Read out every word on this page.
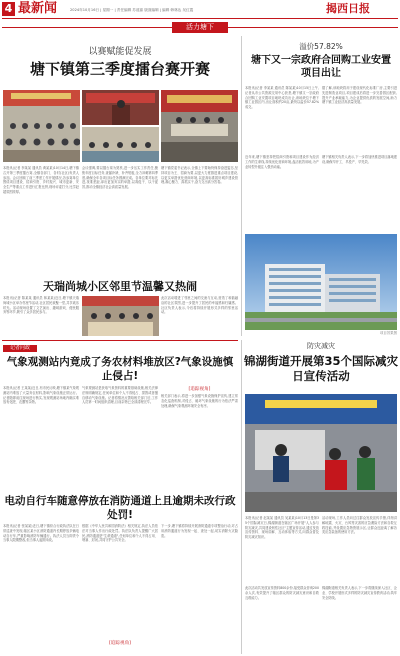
4 最新闻	2024年10月16日 | 星期一 | 责任编辑 苏道嘉 版面编辑 | 编辑 韩林达 吴红霞	揭西日报
活力塘下
以赛赋能促发展
塘下镇第三季度擂台赛开赛
本报讯(记者 李某某 通讯员 黄某某)10月14日,塘下镇召开第三季度擂台赛,全镇各部门、各村(社区)负责人参加。会议回顾了前三季度工作开展情况,各参赛单位围绕项目建设、招商引资、乡村振兴、城市更新、安全生产等重点工作进行汇报比拼,现场评委打分,比学赶超氛围浓厚。
会议强调,要以擂台赛为契机,进一步压实工作责任,聚焦年度目标任务,查漏补缺、补齐短板,全力冲刺第四季度,确保全年各项目标任务圆满完成。各单位要对标先进,找准差距,拿出更加务实的举措,以赛促干、以干促效,推动全镇经济社会高质量发展。
塘下镇党委书记表示,全镇上下要始终保持奋进姿态,坚持项目为王、招商为要,以更大力度推进重点项目建设,以更实举措优化营商环境,以更高标准抓好城乡建设管理,凝心聚力、真抓实干,奋力交出高分答卷。
溢价57.82%
塘下又一宗政府合回购工业安置项目出让
本报讯(记者 李某某 通讯员 陈某某)10月15日上午,记者从市公共资源交易中心获悉,塘下镇又一宗政府合回购工业安置项目地块成功出让,该地块位于塘下镇工业园区内,出让面积约20亩,最终以溢价57.82%成交。
据了解,该地块将用于建设现代化标准厂房,主要引进先进制造业项目,项目建成后将进一步完善园区配套,提升产业承载能力,为企业提供优质的发展空间,助力塘下镇工业经济高质量发展。
近年来,塘下镇坚持把招商引资和项目建设作为经济工作的生命线,持续优化营商环境,盘活低效用地,为产业转型升级注入强劲动能。
塘下镇相关负责人表示,下一步将加快推进项目落地建设,确保早开工、早投产、早见效。
项目效果图
天瑞尚城小区邻里节温馨又热闹
本报讯(记者 陈某某 通讯员 林某某)近日,塘下镇天瑞尚城小区举办邻里节活动,社区居民欢聚一堂,共享欢乐时光。活动现场设置了文艺演出、趣味游戏、便民服务等环节,吸引了众多居民参与。
此次活动增进了邻里之间的交流与互动,营造了和谐融洽的社区氛围,进一步提升了居民的幸福感和归属感。社区负责人表示,今后将持续开展形式多样的邻里活动。
记者问政
气象观测站内竟成了务农材料堆放区?气象设施慎止侵占!
本报讯(记者 王某某)近日,有市民反映,塘下镇某气象观测站内堆放了大量务农材料,影响气象设施正常运行。记者随即前往现场进行核实,发现观测站场地内确实堆放有化肥、农膜等杂物。
[追踪视角]
气象观测站是获取气象资料的重要基础设施,相关法律法规明确规定,任何单位和个人不得侵占、损毁或者擅自移动气象设施。记者将情况反馈给相关部门后,工作人员第一时间组织清理,目前杂物已全部清理完毕。
相关部门表示,将进一步加强气象设施保护宣传,建立常态化巡查机制,对侵占、破坏气象设施的行为依法严肃处理,确保气象观测环境安全有序。
电动自行车随意停放在消防通道上且逾期未改行政处罚!
本报讯(记者 张某某)近日,塘下镇综合行政执法队在日常巡查中发现,辖区某小区消防通道内长期停放多辆电动自行车,严重影响消防车辆通行。执法人员当即责令当事人限期整改,但当事人逾期未改。
根据《中华人民共和国消防法》相关规定,执法人员依法对当事人作出行政处罚。执法队负责人提醒广大居民,消防通道是"生命通道",任何单位和个人不得占用、堵塞、封闭,共同守护公共安全。
[追踪视角]
下一步,塘下镇将持续开展消防通道专项整治行动,对占用消防通道行为发现一起、查处一起,切实消除火灾隐患。
防灾减灾
锦湖街道开展第35个国际减灾日宣传活动
本报讯(记者 赵某某 通讯员 吴某某)10月13日是第35个国际减灾日,锦湖街道在辖区广场开展"人人参与防灾减灾,共同建设韧性社区"主题宣传活动,通过发放宣传资料、现场讲解、互动体验等方式,向群众普及防灾减灾知识。
活动现场,工作人员向过往群众发放宣传手册,详细讲解地震、火灾、台风等灾害的应急避险方法和自救互救技能,并设置应急物资展示区,让群众近距离了解各类应急装备的使用方法。
此次活动共发放宣传资料800余份,接受群众咨询200余人次,有效提升了辖区群众的防灾减灾意识和自救互救能力。
锦湖街道相关负责人表示,下一步将继续深入社区、企业、学校开展形式多样的防灾减灾宣传教育活动,筑牢安全防线。
